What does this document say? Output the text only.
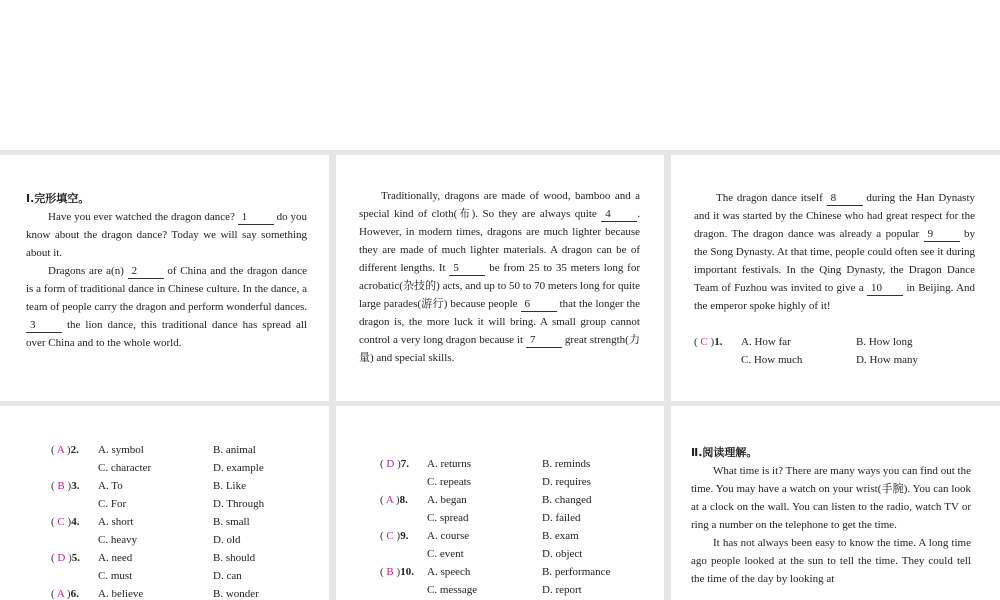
Ⅰ.完形填空。

Have you ever watched the dragon dance? 1	do you know about the dragon dance? Today we will say something about it.

Dragons are a(n) 2	of China and the dragon dance is a form of traditional dance in Chinese culture. In the dance, a team of people carry the dragon and perform wonderful dances. 3	the lion dance, this traditional dance has spread all over China and to the whole world.

Traditionally, dragons are made of wood, bamboo and a special kind of cloth(布). So they are always quite 4 . However, in modern times, dragons are much lighter because they are made of much lighter materials. A dragon can be of different lengths. It 5	be from 25 to 35 meters long for acrobatic(杂技的) acts, and up to 50 to 70 meters long for quite large parades(游行) because people 6	that the longer the dragon is, the more luck it will bring. A small group cannot control a very long dragon because it 7	great strength(力量) and special skills.

The dragon dance itself 8	during the Han Dynasty and it was started by the Chinese who had great respect for the dragon. The dragon dance was already a popular 9	by the Song Dynasty. At that time, people could often see it during important festivals. In the Qing Dynasty, the Dragon Dance Team of Fuzhou was invited to give a 10 in Beijing. And the emperor spoke highly of it!

( C )1.	A. How far	B. How long
C. How much	D. How many
( A )2.	A. symbol	B. animal
C. character	D. example
( B )3.	A. To	B. Like
C. For	D. Through
( C )4.	A. short	B. small
C. heavy	D. old
( D )5.	A. need	B. should
C. must	D. can
( A )6.	A. believe	B. wonder
( D )7.	A. returns	B. reminds
C. repeats	D. requires
( A )8.	A. began	B. changed
C. spread	D. failed
( C )9.	A. course	B. exam
C. event	D. object
( B )10.	A. speech	B. performance
C. message	D. report

Ⅱ.阅读理解。

What time is it? There are many ways you can find out the time. You may have a watch on your wrist(手腕). You can look at a clock on the wall. You can listen to the radio, watch TV or ring a number on the telephone to get the time.

It has not always been easy to know the time. A long time ago people looked at the sun to tell the time. They could tell the time of the day by looking at
